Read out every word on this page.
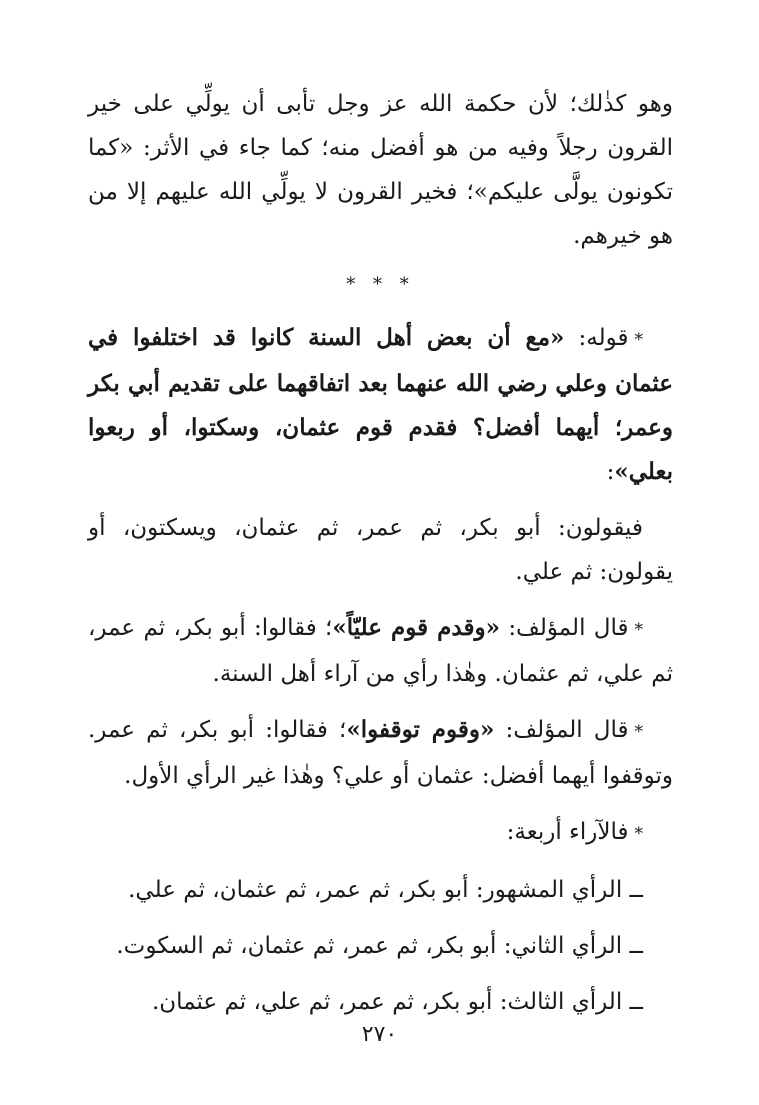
وهو كذٰلك؛ لأن حكمة الله عز وجل تأبى أن يولِّي على خير القرون رجلاً وفيه من هو أفضل منه؛ كما جاء في الأثر: «كما تكونون يولَّى عليكم»؛ فخير القرون لا يولِّي الله عليهم إلا من هو خيرهم.

* * *

*قوله: «مع أن بعض أهل السنة كانوا قد اختلفوا في عثمان وعلي رضي الله عنهما بعد اتفاقهما على تقديم أبي بكر وعمر؛ أيهما أفضل؟ فقدم قوم عثمان، وسكتوا، أو ربعوا بعلي»:

فيقولون: أبو بكر، ثم عمر، ثم عثمان، ويسكتون، أو يقولون: ثم علي.

*قال المؤلف: «وقدم قوم عليّاً»؛ فقالوا: أبو بكر، ثم عمر، ثم علي، ثم عثمان. وهٰذا رأي من آراء أهل السنة.

*قال المؤلف: «وقوم توقفوا»؛ فقالوا: أبو بكر، ثم عمر. وتوقفوا أيهما أفضل: عثمان أو علي؟ وهٰذا غير الرأي الأول.

*فالآراء أربعة:

ــ الرأي المشهور: أبو بكر، ثم عمر، ثم عثمان، ثم علي.

ــ الرأي الثاني: أبو بكر، ثم عمر، ثم عثمان، ثم السكوت.

ــ الرأي الثالث: أبو بكر، ثم عمر، ثم علي، ثم عثمان.

٢٧٠
